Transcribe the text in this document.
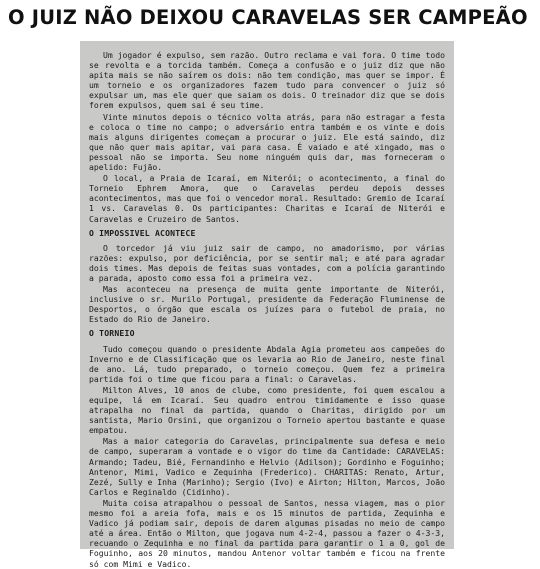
O JUIZ NÃO DEIXOU CARAVELAS SER CAMPEÃO

Um jogador é expulso, sem razão. Outro reclama e vai fora. O time todo se revolta e a torcida também. Começa a confusão e o juiz diz que não apita mais se não saírem os dois: não tem condição, mas quer se impor. É um torneio e os organizadores fazem tudo para convencer o juiz só expulsar um, mas ele quer que saiam os dois. O treinador diz que se dois forem expulsos, quem sai é seu time.

Vinte minutos depois o técnico volta atrás, para não estragar a festa e coloca o time no campo; o adversário entra também e os vinte e dois mais alguns dirigentes começam a procurar o juiz. Ele está saindo, diz que não quer mais apitar, vai para casa. É vaiado e até xingado, mas o pessoal não se importa. Seu nome ninguém quis dar, mas forneceram o apelido: Fujão.

O local, a Praia de Icaraí, em Niterói; o acontecimento, a final do Torneio Ephrem Amora, que o Caravelas perdeu depois desses acontecimentos, mas que foi o vencedor moral. Resultado: Gremio de Icaraí 1 vs. Caravelas 0. Os participantes: Charitas e Icaraí de Niterói e Caravelas e Cruzeiro de Santos.

O IMPOSSIVEL ACONTECE

O torcedor já viu juiz sair de campo, no amadorismo, por várias razões: expulso, por deficiência, por se sentir mal; e até para agradar dois times. Mas depois de feitas suas vontades, com a polícia garantindo a parada, aposto como essa foi a primeira vez.

Mas aconteceu na presença de muita gente importante de Niterói, inclusive o sr. Murilo Portugal, presidente da Federação Fluminense de Desportos, o órgão que escala os juízes para o futebol de praia, no Estado do Rio de Janeiro.

O TORNEIO

Tudo começou quando o presidente Abdala Agia prometeu aos campeões do Inverno e de Classificação que os levaria ao Rio de Janeiro, neste final de ano. Lá, tudo preparado, o torneio começou. Quem fez a primeira partida foi o time que ficou para a final: o Caravelas.

Milton Alves, 10 anos de clube, como presidente, foi quem escalou a equipe, lá em Icaraí. Seu quadro entrou timidamente e isso quase atrapalha no final da partida, quando o Charitas, dirigido por um santista, Mario Orsini, que organizou o Torneio apertou bastante e quase empatou.

Mas a maior categoria do Caravelas, principalmente sua defesa e meio de campo, superaram a vontade e o vigor do time da Cantidade: CARAVELAS: Armando; Tadeu, Bié, Fernandinho e Helvio (Adilson); Gordinho e Foguinho; Antenor, Mimi, Vadico e Zequinha (Frederico). CHARITAS: Renato, Artur, Zezé, Sully e Inha (Marinho); Sergio (Ivo) e Airton; Hilton, Marcos, João Carlos e Reginaldo (Cidinho).

Muita coisa atrapalhou o pessoal de Santos, nessa viagem, mas o pior mesmo foi a areia fofa, mais e os 15 minutos de partida, Zequinha e Vadico já podiam sair, depois de darem algumas pisadas no meio de campo até a área. Então o Milton, que jogava num 4-2-4, passou a fazer o 4-3-3, recuando o Zequinha e no final da partida para garantir o 1 a 0, gol de Foguinho, aos 20 minutos, mandou Antenor voltar também e ficou na frente só com Mimi e Vadico.
